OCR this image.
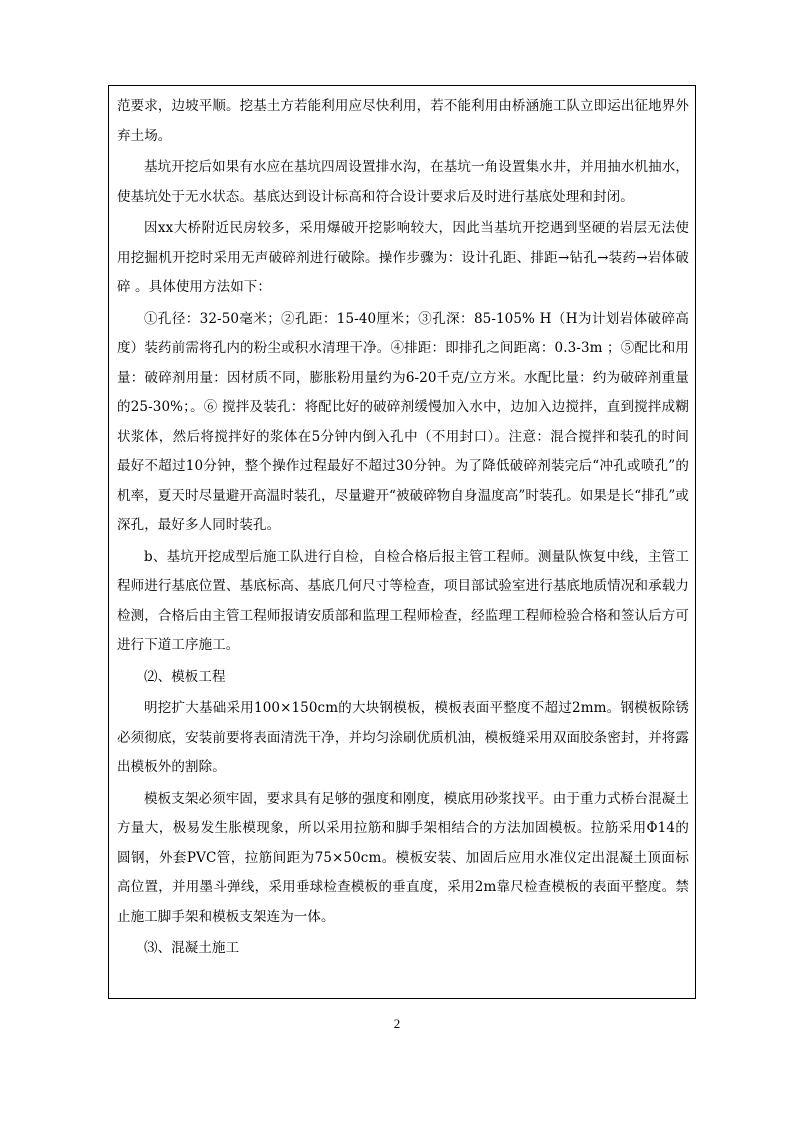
范要求，边坡平顺。挖基土方若能利用应尽快利用，若不能利用由桥涵施工队立即运出征地界外弃土场。

基坑开挖后如果有水应在基坑四周设置排水沟，在基坑一角设置集水井，并用抽水机抽水，使基坑处于无水状态。基底达到设计标高和符合设计要求后及时进行基底处理和封闭。

因xx大桥附近民房较多，采用爆破开挖影响较大，因此当基坑开挖遇到坚硬的岩层无法使用挖掘机开挖时采用无声破碎剂进行破除。操作步骤为：设计孔距、排距→钻孔→装药→岩体破碎 。具体使用方法如下：

①孔径：32-50毫米；②孔距：15-40厘米；③孔深：85-105% H（H为计划岩体破碎高度）装药前需将孔内的粉尘或积水清理干净。④排距：即排孔之间距离：0.3-3m ；⑤配比和用量：破碎剂用量：因材质不同，膨胀粉用量约为6-20千克/立方米。水配比量：约为破碎剂重量的25-30%；。⑥ 搅拌及装孔：将配比好的破碎剂缓慢加入水中，边加入边搅拌，直到搅拌成糊状浆体，然后将搅拌好的浆体在5分钟内倒入孔中（不用封口）。注意：混合搅拌和装孔的时间最好不超过10分钟，整个操作过程最好不超过30分钟。为了降低破碎剂装完后“冲孔或喷孔”的机率，夏天时尽量避开高温时装孔，尽量避开“被破碎物自身温度高”时装孔。如果是长“排孔”或深孔，最好多人同时装孔。

b、基坑开挖成型后施工队进行自检，自检合格后报主管工程师。测量队恢复中线，主管工程师进行基底位置、基底标高、基底几何尺寸等检查，项目部试验室进行基底地质情况和承载力检测，合格后由主管工程师报请安质部和监理工程师检查，经监理工程师检验合格和签认后方可进行下道工序施工。

⑵、模板工程

明挖扩大基础采用100×150cm的大块钢模板，模板表面平整度不超过2mm。钢模板除锈必须彻底，安装前要将表面清洗干净，并均匀涂刷优质机油，模板缝采用双面胶条密封，并将露出模板外的割除。

模板支架必须牢固，要求具有足够的强度和刚度，模底用砂浆找平。由于重力式桥台混凝土方量大，极易发生胀模现象，所以采用拉筋和脚手架相结合的方法加固模板。拉筋采用Φ14的圆钢，外套PVC管，拉筋间距为75×50cm。模板安装、加固后应用水准仪定出混凝土顶面标高位置，并用墨斗弹线，采用垂球检查模板的垂直度，采用2m靠尺检查模板的表面平整度。禁止施工脚手架和模板支架连为一体。

⑶、混凝土施工

2
